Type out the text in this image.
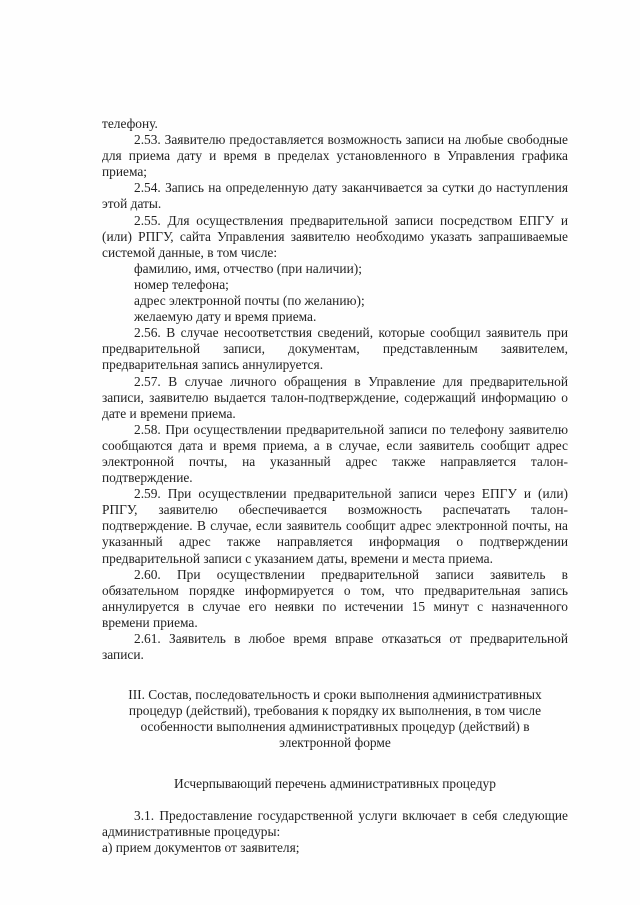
телефону.

2.53. Заявителю предоставляется возможность записи на любые свободные для приема дату и время в пределах установленного в Управления графика приема;

2.54. Запись на определенную дату заканчивается за сутки до наступления этой даты.

2.55. Для осуществления предварительной записи посредством ЕПГУ и (или) РПГУ, сайта Управления заявителю необходимо указать запрашиваемые системой данные, в том числе:

фамилию, имя, отчество (при наличии);

номер телефона;

адрес электронной почты (по желанию);

желаемую дату и время приема.

2.56. В случае несоответствия сведений, которые сообщил заявитель при предварительной записи, документам, представленным заявителем, предварительная запись аннулируется.

2.57. В случае личного обращения в Управление для предварительной записи, заявителю выдается талон-подтверждение, содержащий информацию о дате и времени приема.

2.58. При осуществлении предварительной записи по телефону заявителю сообщаются дата и время приема, а в случае, если заявитель сообщит адрес электронной почты, на указанный адрес также направляется талон-подтверждение.

2.59. При осуществлении предварительной записи через ЕПГУ и (или) РПГУ, заявителю обеспечивается возможность распечатать талон-подтверждение. В случае, если заявитель сообщит адрес электронной почты, на указанный адрес также направляется информация о подтверждении предварительной записи с указанием даты, времени и места приема.

2.60. При осуществлении предварительной записи заявитель в обязательном порядке информируется о том, что предварительная запись аннулируется в случае его неявки по истечении 15 минут с назначенного времени приема.

2.61. Заявитель в любое время вправе отказаться от предварительной записи.

III. Состав, последовательность и сроки выполнения административных процедур (действий), требования к порядку их выполнения, в том числе особенности выполнения административных процедур (действий) в электронной форме

Исчерпывающий перечень административных процедур

3.1. Предоставление государственной услуги включает в себя следующие административные процедуры:

а) прием документов от заявителя;
